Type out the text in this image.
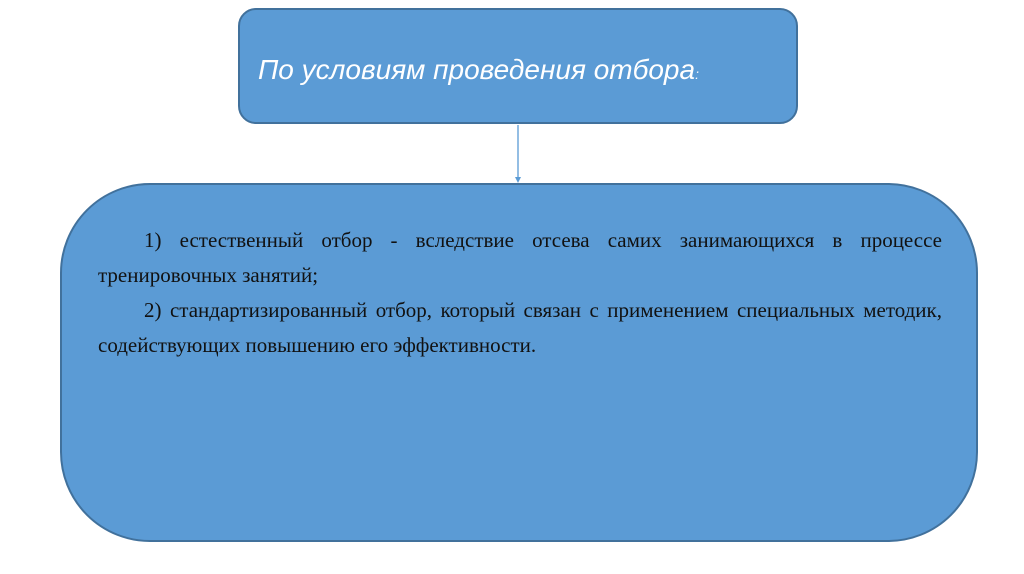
По условиям проведения отбора:

1) естественный отбор - вследствие отсева самих занимающихся в процессе тренировочных занятий;

2) стандартизированный отбор, который связан с применением специальных методик, содействующих повышению его эффективности.
